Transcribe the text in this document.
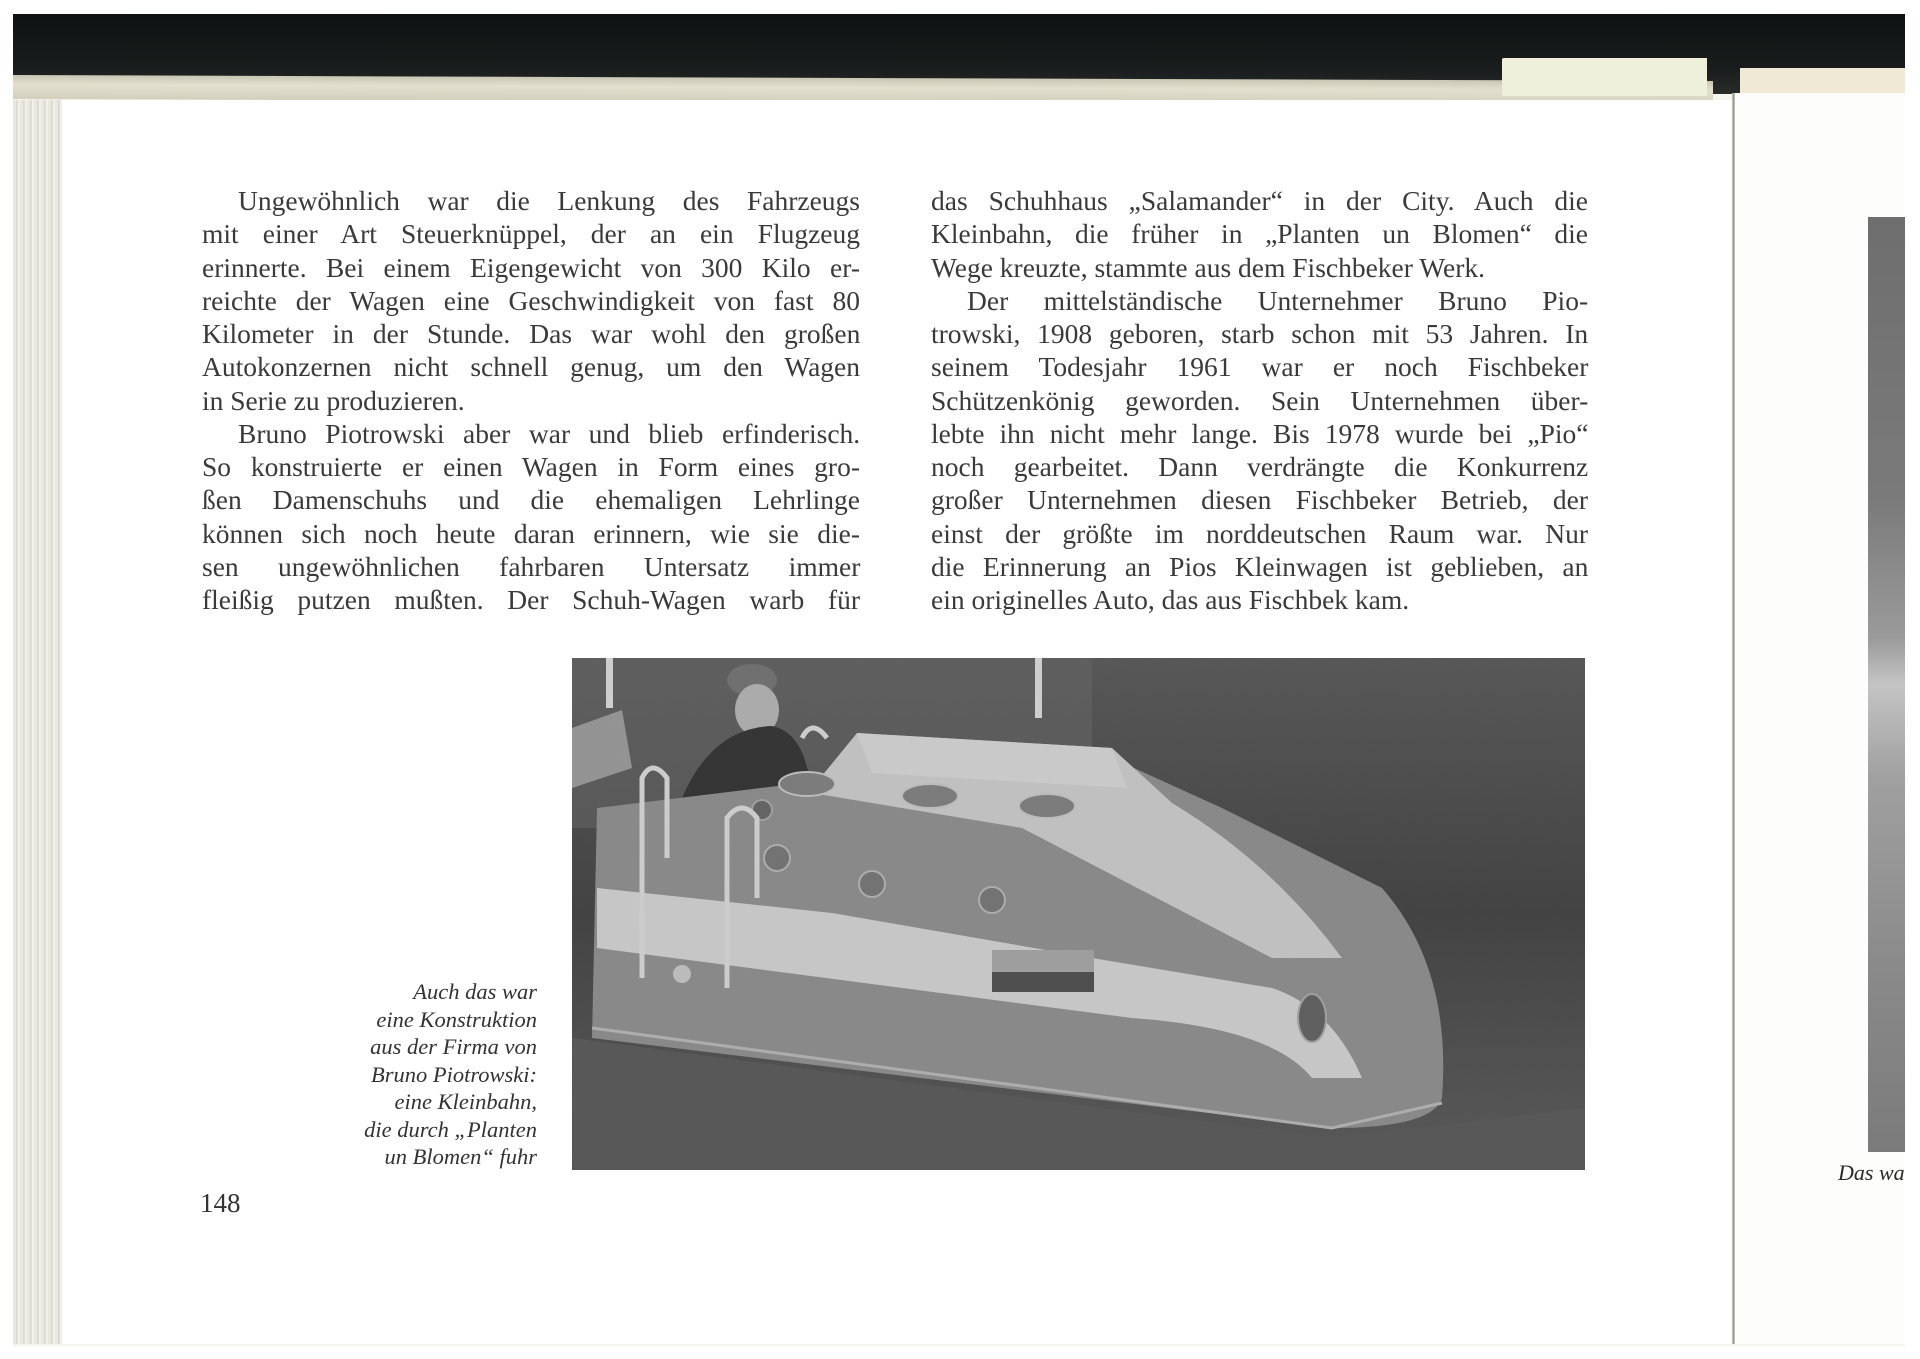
Ungewöhnlich war die Lenkung des Fahrzeugs
mit einer Art Steuerknüppel, der an ein Flugzeug
erinnerte. Bei einem Eigengewicht von 300 Kilo er-
reichte der Wagen eine Geschwindigkeit von fast 80
Kilometer in der Stunde. Das war wohl den großen
Autokonzernen nicht schnell genug, um den Wagen
in Serie zu produzieren.
Bruno Piotrowski aber war und blieb erfinderisch.
So konstruierte er einen Wagen in Form eines gro-
ßen Damenschuhs und die ehemaligen Lehrlinge
können sich noch heute daran erinnern, wie sie die-
sen ungewöhnlichen fahrbaren Untersatz immer
fleißig putzen mußten. Der Schuh-Wagen warb für
das Schuhhaus „Salamander“ in der City. Auch die
Kleinbahn, die früher in „Planten un Blomen“ die
Wege kreuzte, stammte aus dem Fischbeker Werk.
Der mittelständische Unternehmer Bruno Pio-
trowski, 1908 geboren, starb schon mit 53 Jahren. In
seinem Todesjahr 1961 war er noch Fischbeker
Schützenkönig geworden. Sein Unternehmen über-
lebte ihn nicht mehr lange. Bis 1978 wurde bei „Pio“
noch gearbeitet. Dann verdrängte die Konkurrenz
großer Unternehmen diesen Fischbeker Betrieb, der
einst der größte im norddeutschen Raum war. Nur
die Erinnerung an Pios Kleinwagen ist geblieben, an
ein originelles Auto, das aus Fischbek kam.
Auch das war
eine Konstruktion
aus der Firma von
Bruno Piotrowski:
eine Kleinbahn,
die durch „Planten
un Blomen“ fuhr
148
Das wa
